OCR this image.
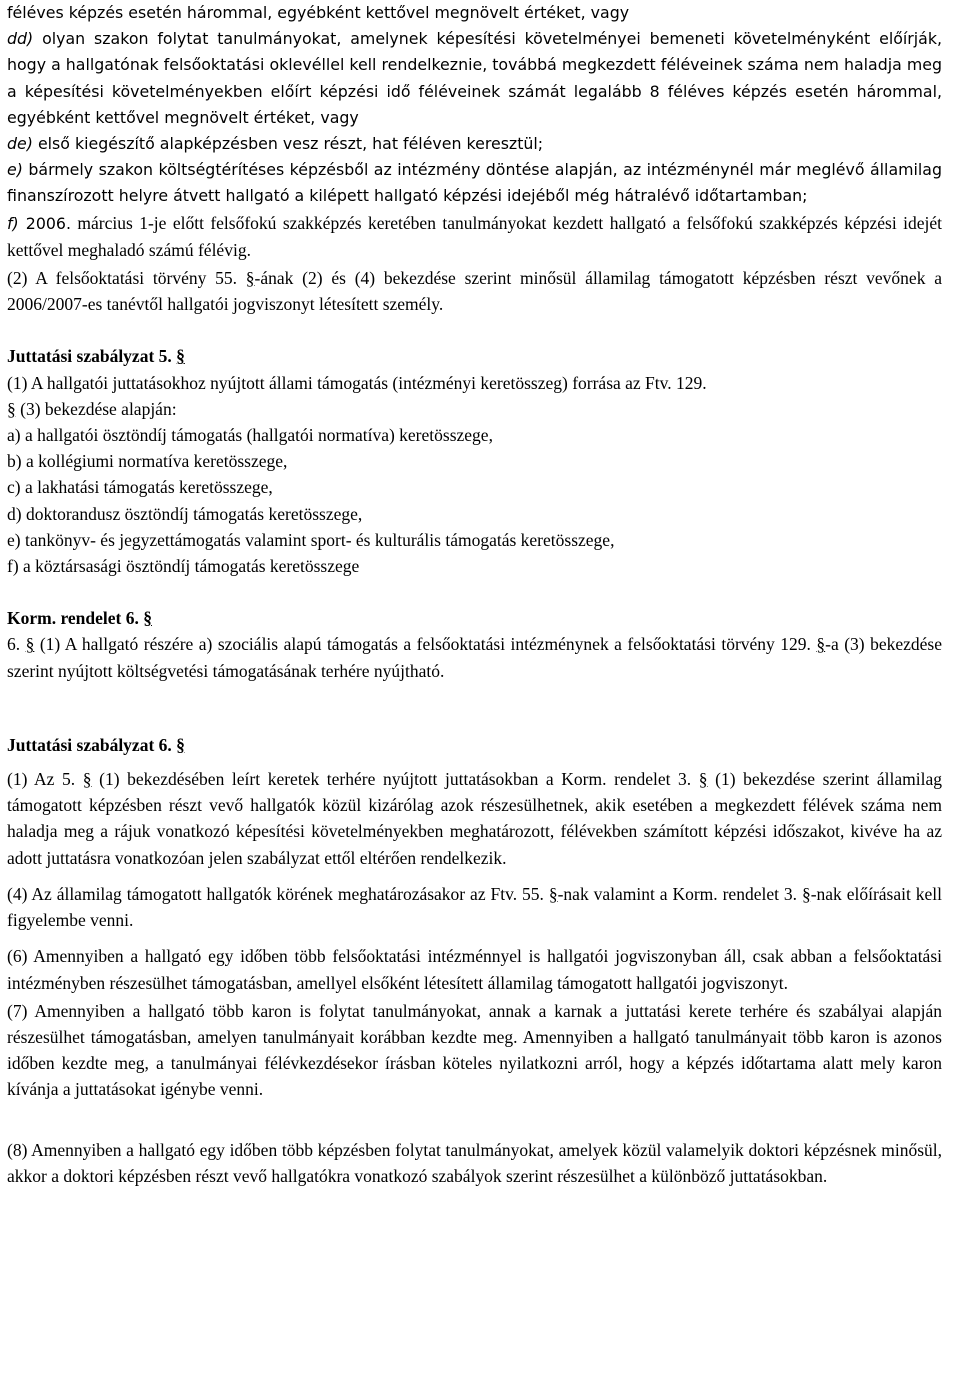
féléves képzés esetén hárommal, egyébként kettővel megnövelt értéket, vagy

dd) olyan szakon folytat tanulmányokat, amelynek képesítési követelményei bemeneti követelményként előírják, hogy a hallgatónak felsőoktatási oklevéllel kell rendelkeznie, továbbá megkezdett féléveinek száma nem haladja meg a képesítési követelményekben előírt képzési idő féléveinek számát legalább 8 féléves képzés esetén hárommal, egyébként kettővel megnövelt értéket, vagy

de) első kiegészítő alapképzésben vesz részt, hat féléven keresztül;

e) bármely szakon költségtérítéses képzésből az intézmény döntése alapján, az intézménynél már meglévő államilag finanszírozott helyre átvett hallgató a kilépett hallgató képzési idejéből még hátralévő időtartamban;

f) 2006. március 1-je előtt felsőfokú szakképzés keretében tanulmányokat kezdett hallgató a felsőfokú szakképzés képzési idejét kettővel meghaladó számú félévig.

(2) A felsőoktatási törvény 55. §-ának (2) és (4) bekezdése szerint minősül államilag támogatott képzésben részt vevőnek a 2006/2007-es tanévtől hallgatói jogviszonyt létesített személy.

Juttatási szabályzat 5. §

(1) A hallgatói juttatásokhoz nyújtott állami támogatás (intézményi keretösszeg) forrása az Ftv. 129.
§ (3) bekezdése alapján:

a) a hallgatói ösztöndíj támogatás (hallgatói normatíva) keretösszege,

b) a kollégiumi normatíva keretösszege,

c) a lakhatási támogatás keretösszege,

d) doktorandusz ösztöndíj támogatás keretösszege,

e) tankönyv- és jegyzettámogatás valamint sport- és kulturális támogatás keretösszege,

f) a köztársasági ösztöndíj támogatás keretösszege

Korm. rendelet 6. §

6. § (1) A hallgató részére a) szociális alapú támogatás a felsőoktatási intézménynek a felsőoktatási törvény 129. §-a (3) bekezdése szerint nyújtott költségvetési támogatásának terhére nyújtható.

Juttatási szabályzat 6. §

(1) Az 5. § (1) bekezdésében leírt keretek terhére nyújtott juttatásokban a Korm. rendelet 3. § (1) bekezdése szerint államilag támogatott képzésben részt vevő hallgatók közül kizárólag azok részesülhetnek, akik esetében a megkezdett félévek száma nem haladja meg a rájuk vonatkozó képesítési követelményekben meghatározott, félévekben számított képzési időszakot, kivéve ha az adott juttatásra vonatkozóan jelen szabályzat ettől eltérően rendelkezik.

(4) Az államilag támogatott hallgatók körének meghatározásakor az Ftv. 55. §-nak valamint a Korm. rendelet 3. §-nak előírásait kell figyelembe venni.

(6) Amennyiben a hallgató egy időben több felsőoktatási intézménnyel is hallgatói jogviszonyban áll, csak abban a felsőoktatási intézményben részesülhet támogatásban, amellyel elsőként létesített államilag támogatott hallgatói jogviszonyt.

(7) Amennyiben a hallgató több karon is folytat tanulmányokat, annak a karnak a juttatási kerete terhére és szabályai alapján részesülhet támogatásban, amelyen tanulmányait korábban kezdte meg. Amennyiben a hallgató tanulmányait több karon is azonos időben kezdte meg, a tanulmányai félévkezdésekor írásban köteles nyilatkozni arról, hogy a képzés időtartama alatt mely karon kívánja a juttatásokat igénybe venni.

(8) Amennyiben a hallgató egy időben több képzésben folytat tanulmányokat, amelyek közül valamelyik doktori képzésnek minősül, akkor a doktori képzésben részt vevő hallgatókra vonatkozó szabályok szerint részesülhet a különböző juttatásokban.
